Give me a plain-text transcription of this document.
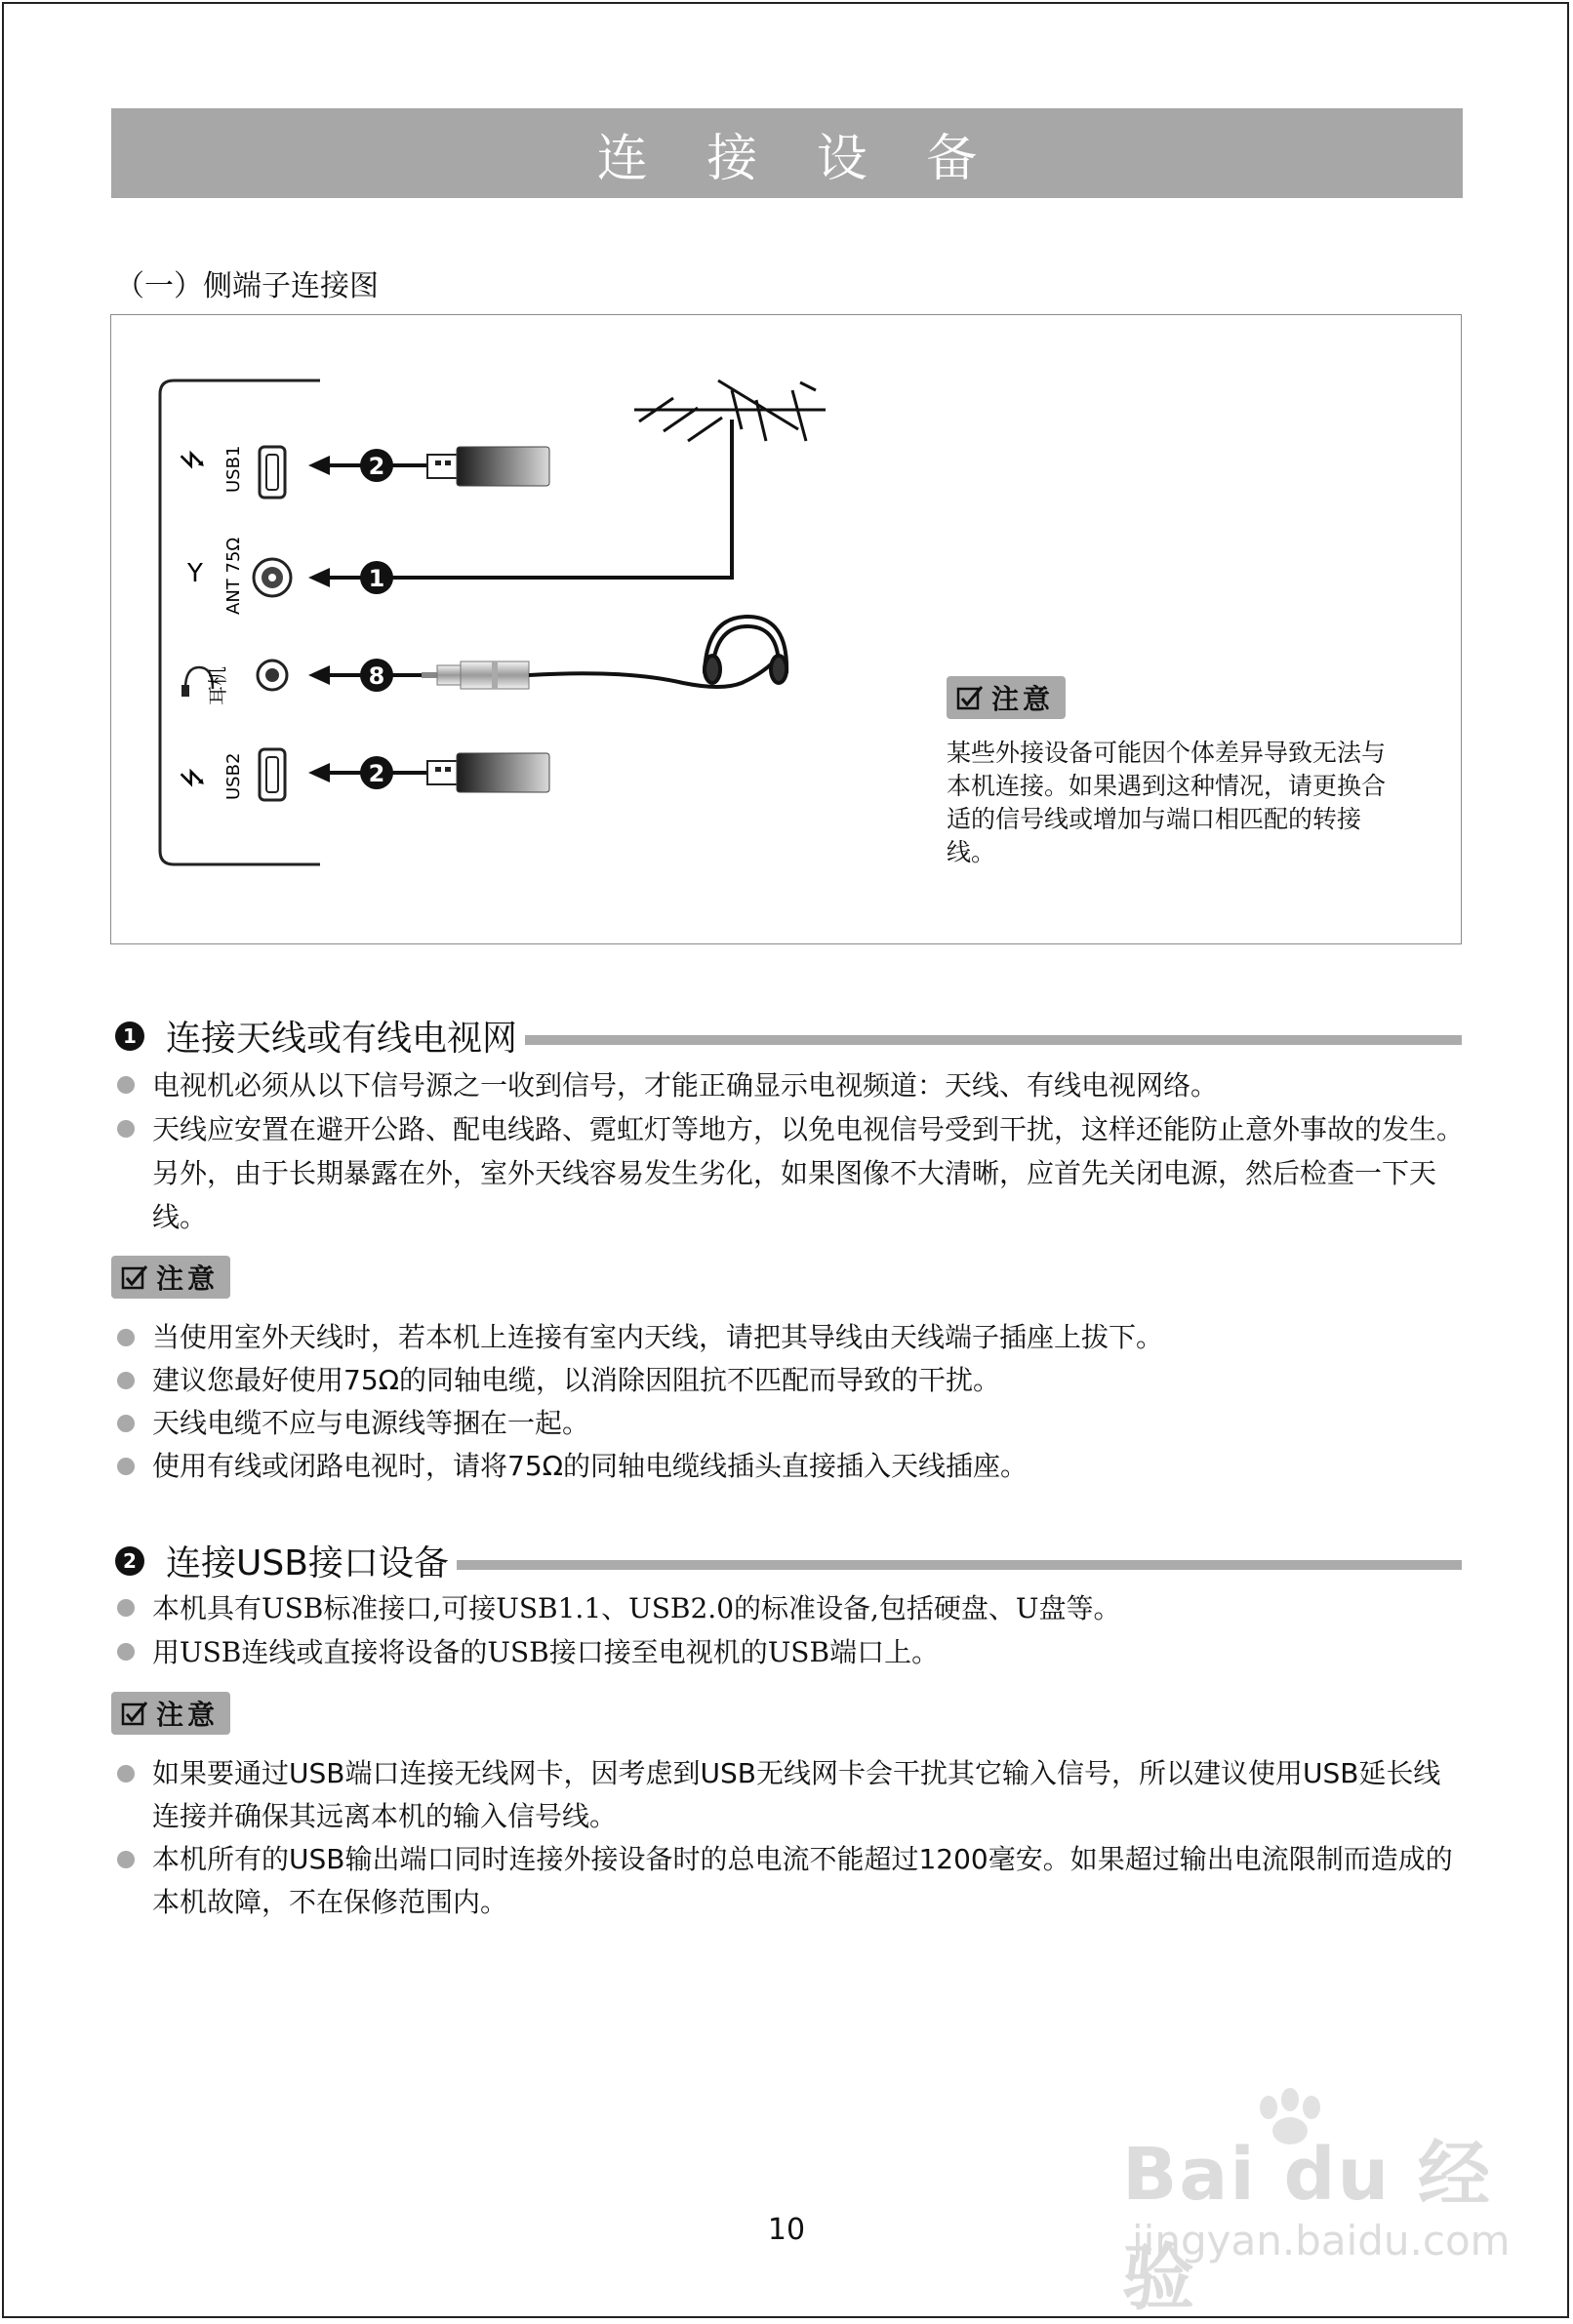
连 接 设 备
（一）侧端子连接图
⭍ USB1
Y ANT 75Ω
耳机
⭍ USB2
2
1
8
2
注意
某些外接设备可能因个体差异导致无法与本机连接。如果遇到这种情况，请更换合适的信号线或增加与端口相匹配的转接线。
1 连接天线或有线电视网
电视机必须从以下信号源之一收到信号，才能正确显示电视频道：天线、有线电视网络。
天线应安置在避开公路、配电线路、霓虹灯等地方，以免电视信号受到干扰，这样还能防止意外事故的发生。另外，由于长期暴露在外，室外天线容易发生劣化，如果图像不大清晰，应首先关闭电源，然后检查一下天线。
注意
当使用室外天线时，若本机上连接有室内天线，请把其导线由天线端子插座上拔下。
建议您最好使用75Ω的同轴电缆，以消除因阻抗不匹配而导致的干扰。
天线电缆不应与电源线等捆在一起。
使用有线或闭路电视时，请将75Ω的同轴电缆线插头直接插入天线插座。
2 连接USB接口设备
本机具有USB标准接口,可接USB1.1、USB2.0的标准设备,包括硬盘、U盘等。
用USB连线或直接将设备的USB接口接至电视机的USB端口上。
注意
如果要通过USB端口连接无线网卡，因考虑到USB无线网卡会干扰其它输入信号，所以建议使用USB延长线连接并确保其远离本机的输入信号线。
本机所有的USB输出端口同时连接外接设备时的总电流不能超过1200毫安。如果超过输出电流限制而造成的本机故障，不在保修范围内。
Bai du 经验
jingyan.baidu.com
10
